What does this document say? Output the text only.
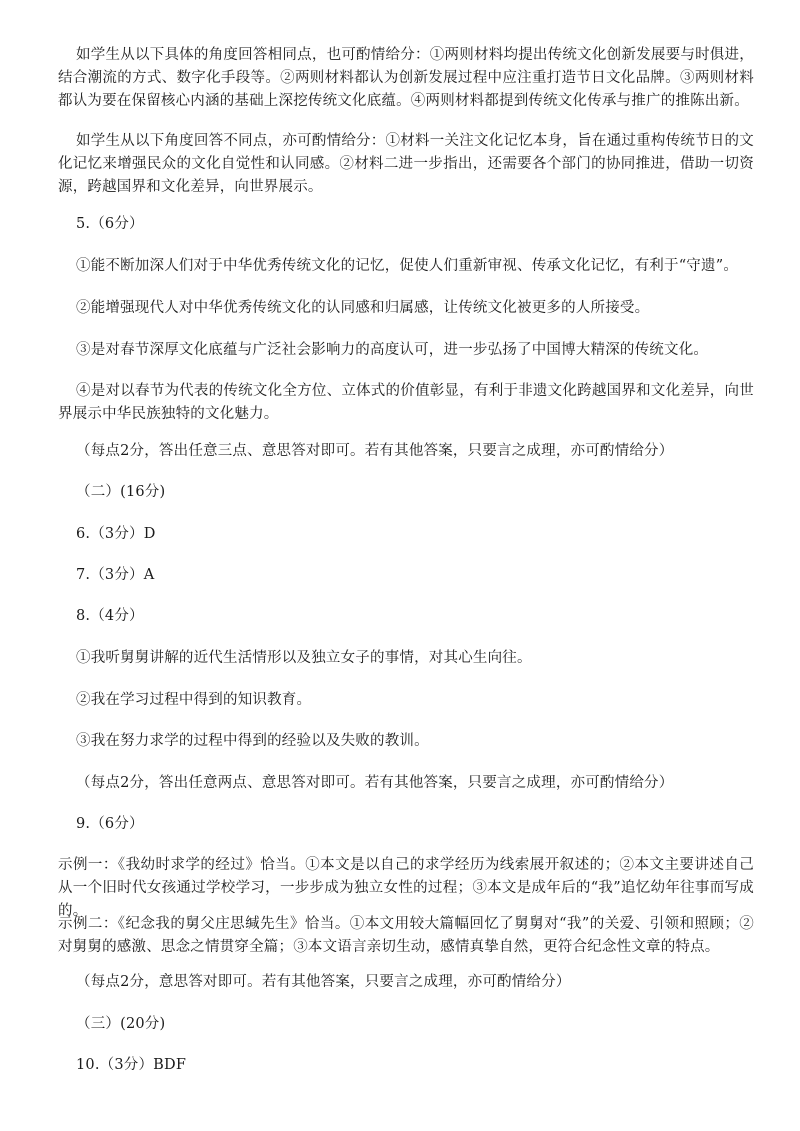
如学生从以下具体的角度回答相同点，也可酌情给分：①两则材料均提出传统文化创新发展要与时俱进，结合潮流的方式、数字化手段等。②两则材料都认为创新发展过程中应注重打造节日文化品牌。③两则材料都认为要在保留核心内涵的基础上深挖传统文化底蕴。④两则材料都提到传统文化传承与推广的推陈出新。

如学生从以下角度回答不同点，亦可酌情给分：①材料一关注文化记忆本身，旨在通过重构传统节日的文化记忆来增强民众的文化自觉性和认同感。②材料二进一步指出，还需要各个部门的协同推进，借助一切资源，跨越国界和文化差异，向世界展示。

5.（6分）

①能不断加深人们对于中华优秀传统文化的记忆，促使人们重新审视、传承文化记忆，有利于“守遗”。

②能增强现代人对中华优秀传统文化的认同感和归属感，让传统文化被更多的人所接受。

③是对春节深厚文化底蕴与广泛社会影响力的高度认可，进一步弘扬了中国博大精深的传统文化。

④是对以春节为代表的传统文化全方位、立体式的价值彰显，有利于非遗文化跨越国界和文化差异，向世界展示中华民族独特的文化魅力。

（每点2分，答出任意三点、意思答对即可。若有其他答案，只要言之成理，亦可酌情给分）

（二）(16分)

6.（3分）D

7.（3分）A

8.（4分）

①我听舅舅讲解的近代生活情形以及独立女子的事情，对其心生向往。

②我在学习过程中得到的知识教育。

③我在努力求学的过程中得到的经验以及失败的教训。

（每点2分，答出任意两点、意思答对即可。若有其他答案，只要言之成理，亦可酌情给分）

9.（6分）

示例一：《我幼时求学的经过》恰当。①本文是以自己的求学经历为线索展开叙述的；②本文主要讲述自己从一个旧时代女孩通过学校学习，一步步成为独立女性的过程；③本文是成年后的“我”追忆幼年往事而写成的。

示例二：《纪念我的舅父庄思缄先生》恰当。①本文用较大篇幅回忆了舅舅对“我”的关爱、引领和照顾；②对舅舅的感激、思念之情贯穿全篇；③本文语言亲切生动，感情真挚自然，更符合纪念性文章的特点。

（每点2分，意思答对即可。若有其他答案，只要言之成理，亦可酌情给分）

（三）(20分)

10.（3分）BDF
